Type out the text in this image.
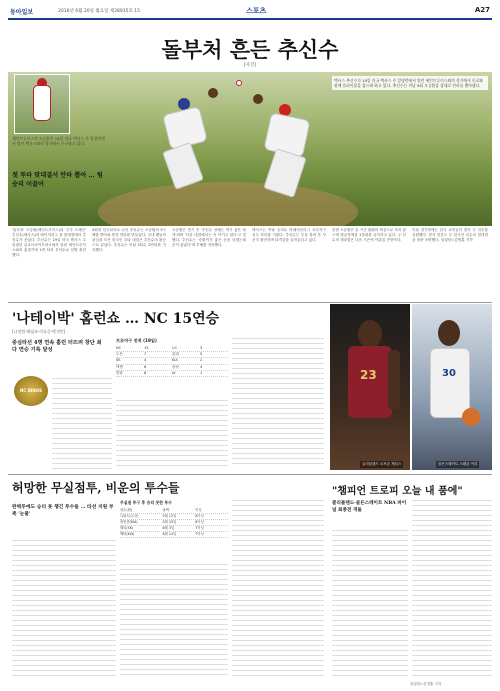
동아일보	2016년 6월 20일 월요일 제28935호 15	스포츠	A27
돌부처 흔든 추신수
[사진]
세인트루이스의 오승환이 19일 미국 텍사스 주 알링턴에서 열린 텍사스와의 경기에서 투구하고 있다.
텍사스 추신수가 19일 미국 텍사스 주 알링턴에서 열린 세인트루이스와의 경기에서 동료와 함께 플라이볼을 잡으려 하고 있다. 추신수는 이날 9회 오승환을 상대로 안타를 뽑아냈다.
첫 투타 맞대결서 안타 뽑아 … 팀 승리 이끌어
'돌부처' 오승환(세인트루이스)과 '추추 트레인' 추신수(텍사스)의 메이저리그 첫 맞대결에서 추신수가 웃었다. 추신수는 19일 미국 텍사스 주 알링턴 글로브라이프파크에서 열린 세인트루이스와의 홈경기에 1번 타자 우익수로 선발 출전했다.
9회말 선두타자로 나선 추신수는 오승환의 3구째를 받아쳐 중전 안타를 만들었다. 국내 팬들의 관심을 모은 한국인 투타 대결은 추신수의 완승으로 끝났다. 추신수는 이날 5타수 2안타를 기록했다.
오승환은 경기 후 '추신수 선배는 역시 좋은 타자'라며 '다음 대결에서는 꼭 이기고 싶다'고 말했다. 추신수는 '승환이가 좋은 공을 던졌는데 운이 좋았다'며 후배를 격려했다.
텍사스는 이날 승리로 아메리칸리그 서부지구 선두 자리를 지켰다. 추신수는 부상 복귀 후 꾸준히 출전하며 타격감을 끌어올리고 있다.
한편 오승환은 올 시즌 불펜의 핵심으로 자리 잡으며 평균자책점 1점대를 유지하고 있다. 두 선수의 재대결은 다음 시즌에 이뤄질 전망이다.
이날 경기장에는 한국 교민들이 찾아 두 선수를 응원했다. 현지 언론도 두 한국인 선수의 맞대결을 집중 조명했다. 알링턴=김영훈 기자
'나테이박' 홈런쇼 … NC 15연승
[나성범·테임즈·이호준·박석민]
중심타선 4명 연속 홈런 터뜨려 창단 최다 연승 기록 달성
NC DINOS
프로야구 전적 (19일)
NC	15	LG	3
두산	7	롯데	5
SK	4	KIA	2
넥센	6	삼성	4
한화	8	kt	1	23	30
클리블랜드 르브론 제임스	골든스테이트 스테픈 커리
허망한 무실점투, 비운의 투수들
완벽투에도 승리 못 챙긴 투수들 … 타선 지원 부족 '눈물'
무실점 투구 후 승리 못한 투수
선수(팀)	날짜	이닝
니퍼트(두산)	5월 12일	8이닝
양현종(KIA)	5월 25일	8이닝
켈리(SK)	6월 3일	7이닝
헥터(KIA)	6월 14일	7이닝
"챔피언 트로피 오늘 내 품에"
클리블랜드·골든스테이트 NBA 파이널 최종전 격돌
알링턴=김영훈 기자
